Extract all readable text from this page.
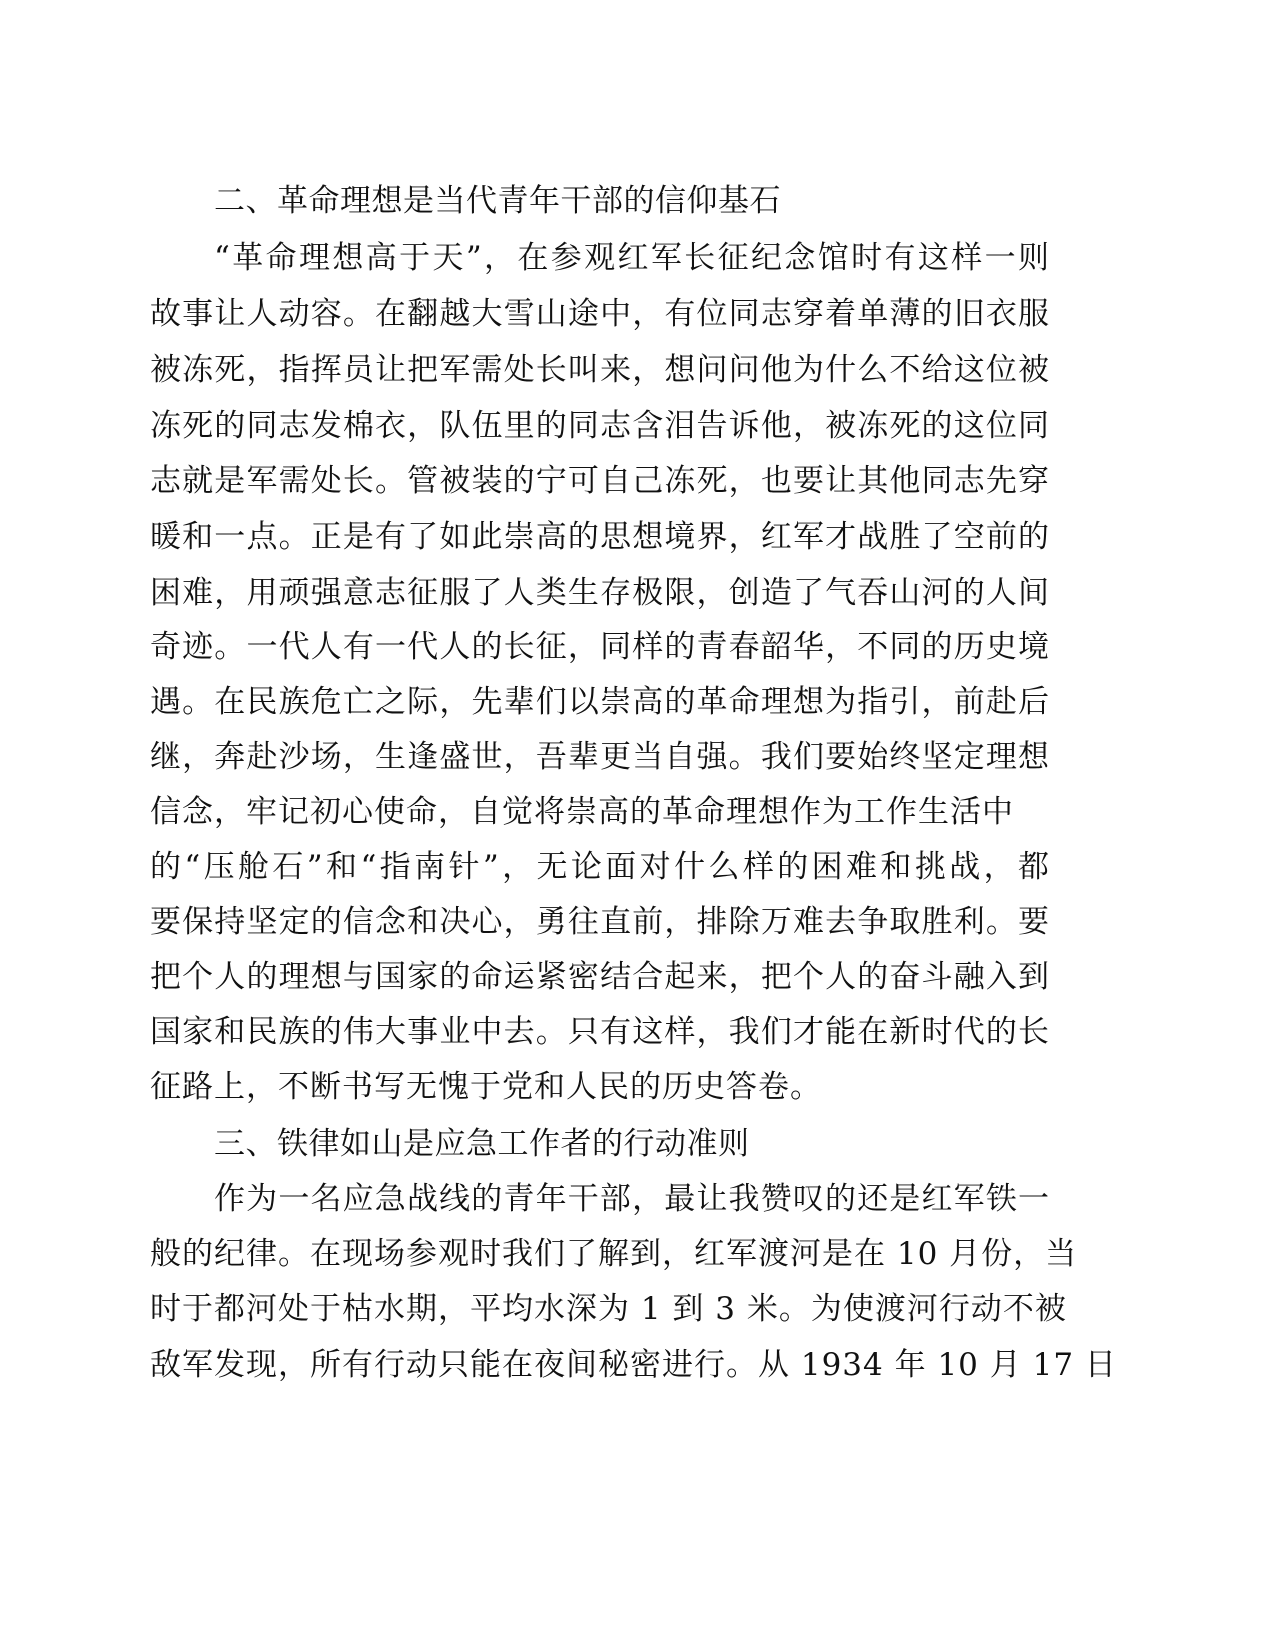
二、革命理想是当代青年干部的信仰基石
“革命理想高于天”，在参观红军长征纪念馆时有这样一则
故事让人动容。在翻越大雪山途中，有位同志穿着单薄的旧衣服
被冻死，指挥员让把军需处长叫来，想问问他为什么不给这位被
冻死的同志发棉衣，队伍里的同志含泪告诉他，被冻死的这位同
志就是军需处长。管被装的宁可自己冻死，也要让其他同志先穿
暖和一点。正是有了如此崇高的思想境界，红军才战胜了空前的
困难，用顽强意志征服了人类生存极限，创造了气吞山河的人间
奇迹。一代人有一代人的长征，同样的青春韶华，不同的历史境
遇。在民族危亡之际，先辈们以崇高的革命理想为指引，前赴后
继，奔赴沙场，生逢盛世，吾辈更当自强。我们要始终坚定理想
信念，牢记初心使命，自觉将崇高的革命理想作为工作生活中
的“压舱石”和“指南针”，无论面对什么样的困难和挑战，都
要保持坚定的信念和决心，勇往直前，排除万难去争取胜利。要
把个人的理想与国家的命运紧密结合起来，把个人的奋斗融入到
国家和民族的伟大事业中去。只有这样，我们才能在新时代的长
征路上，不断书写无愧于党和人民的历史答卷。
三、铁律如山是应急工作者的行动准则
作为一名应急战线的青年干部，最让我赞叹的还是红军铁一
般的纪律。在现场参观时我们了解到，红军渡河是在 10 月份，当
时于都河处于枯水期，平均水深为 1 到 3 米。为使渡河行动不被
敌军发现，所有行动只能在夜间秘密进行。从 1934 年 10 月 17 日
